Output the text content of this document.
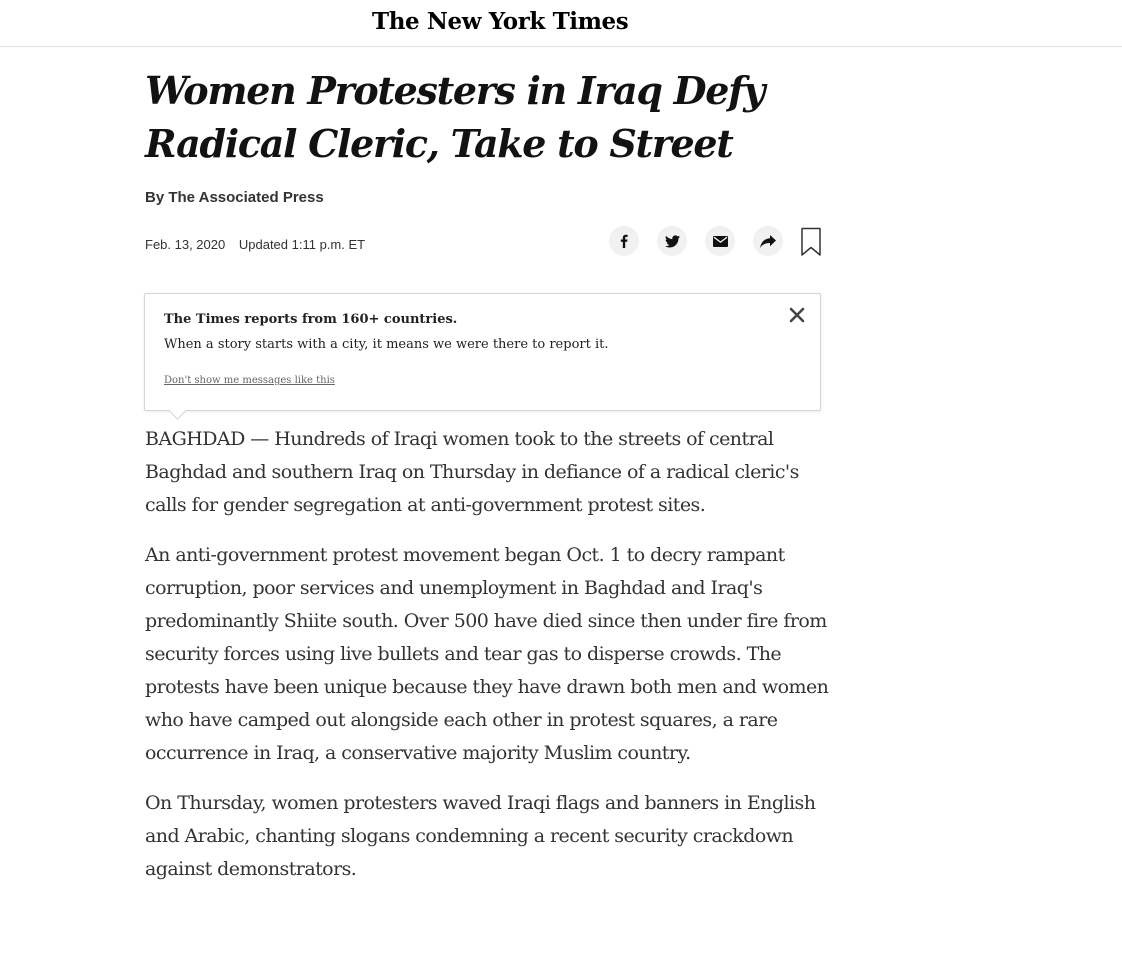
The New York Times
Women Protesters in Iraq Defy Radical Cleric, Take to Street
By The Associated Press
Feb. 13, 2020 Updated 1:11 p.m. ET
The Times reports from 160+ countries.
When a story starts with a city, it means we were there to report it.
Don't show me messages like this

BAGHDAD — Hundreds of Iraqi women took to the streets of central Baghdad and southern Iraq on Thursday in defiance of a radical cleric's calls for gender segregation at anti-government protest sites.

An anti-government protest movement began Oct. 1 to decry rampant corruption, poor services and unemployment in Baghdad and Iraq's predominantly Shiite south. Over 500 have died since then under fire from security forces using live bullets and tear gas to disperse crowds. The protests have been unique because they have drawn both men and women who have camped out alongside each other in protest squares, a rare occurrence in Iraq, a conservative majority Muslim country.

On Thursday, women protesters waved Iraqi flags and banners in English and Arabic, chanting slogans condemning a recent security crackdown against demonstrators.
